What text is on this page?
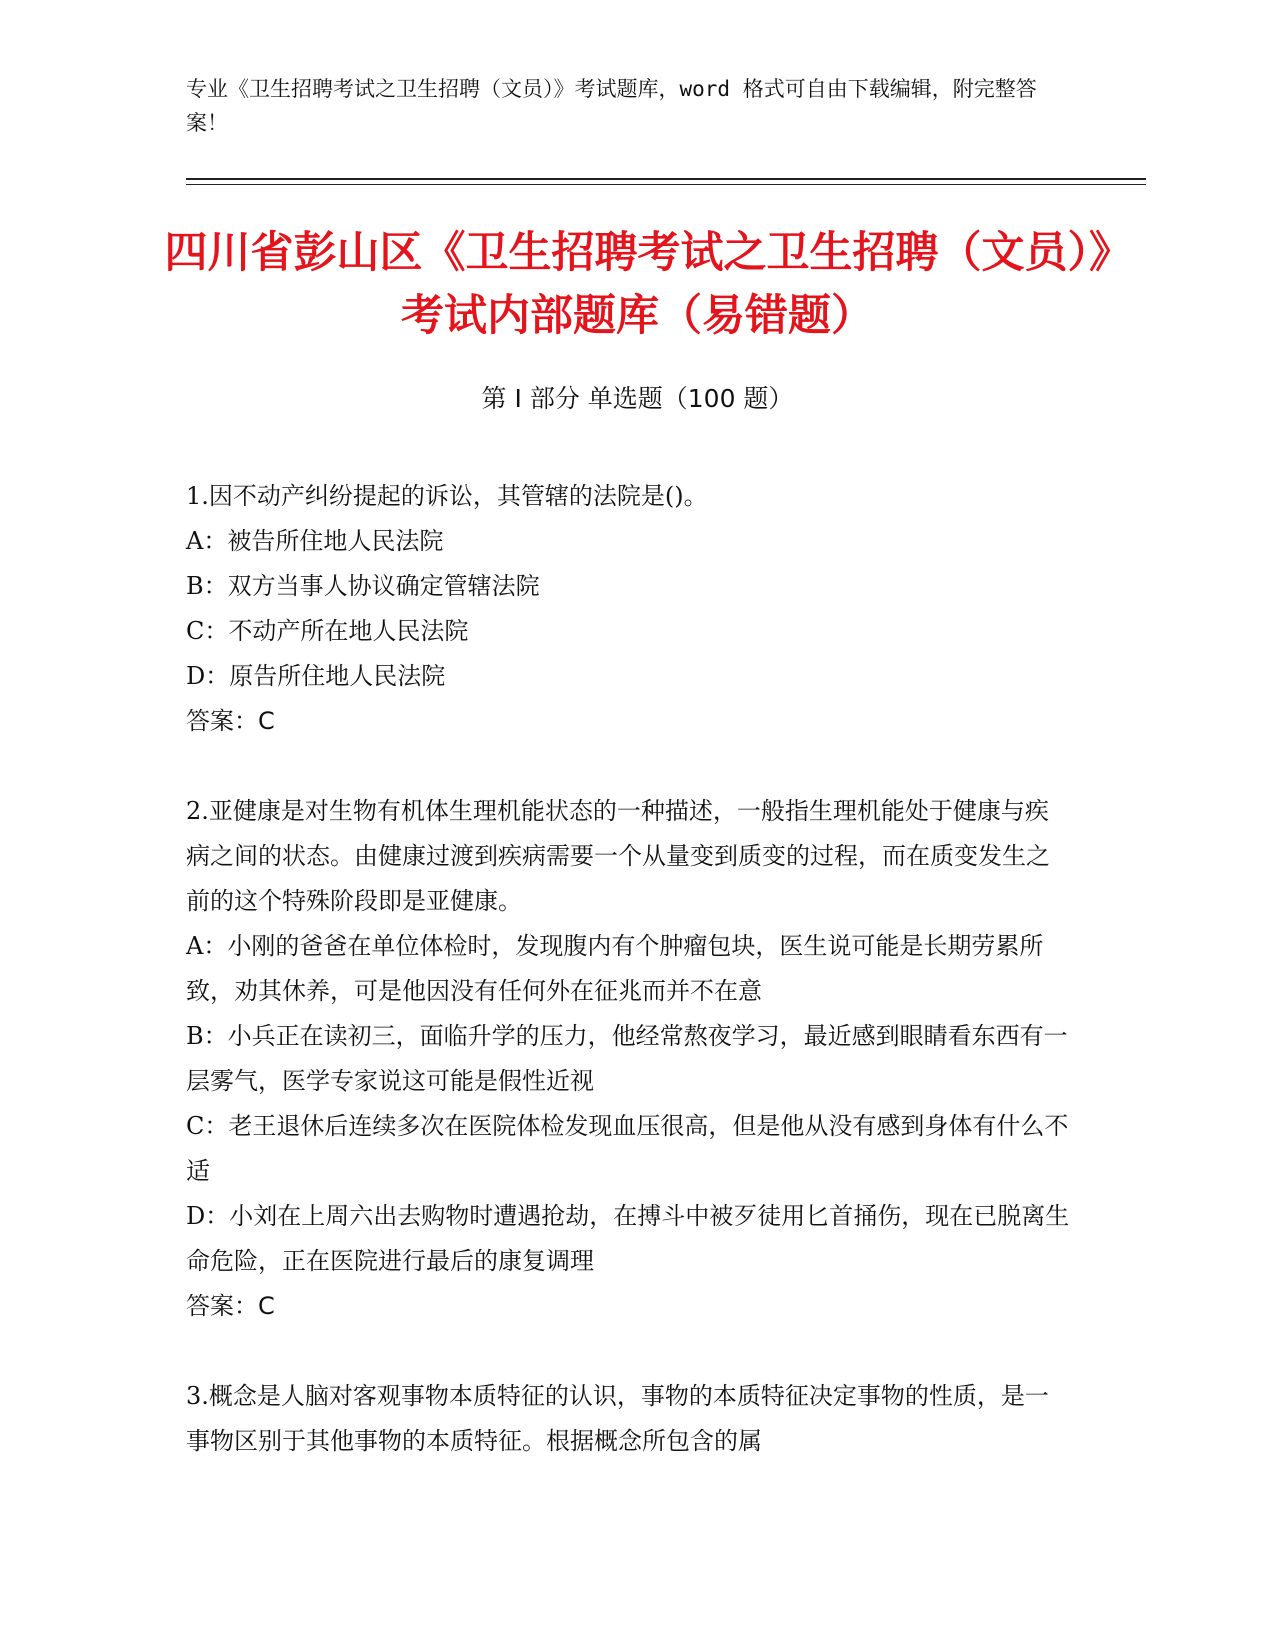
专业《卫生招聘考试之卫生招聘（文员）》考试题库，word 格式可自由下载编辑，附完整答案！
四川省彭山区《卫生招聘考试之卫生招聘（文员）》考试内部题库（易错题）
第 I 部分 单选题（100 题）

1.因不动产纠纷提起的诉讼，其管辖的法院是()。

A：被告所住地人民法院

B：双方当事人协议确定管辖法院

C：不动产所在地人民法院

D：原告所住地人民法院

答案：C

2.亚健康是对生物有机体生理机能状态的一种描述，一般指生理机能处于健康与疾病之间的状态。由健康过渡到疾病需要一个从量变到质变的过程，而在质变发生之前的这个特殊阶段即是亚健康。

A：小刚的爸爸在单位体检时，发现腹内有个肿瘤包块，医生说可能是长期劳累所致，劝其休养，可是他因没有任何外在征兆而并不在意

B：小兵正在读初三，面临升学的压力，他经常熬夜学习，最近感到眼睛看东西有一层雾气，医学专家说这可能是假性近视

C：老王退休后连续多次在医院体检发现血压很高，但是他从没有感到身体有什么不适

D：小刘在上周六出去购物时遭遇抢劫，在搏斗中被歹徒用匕首捅伤，现在已脱离生命危险，正在医院进行最后的康复调理

答案：C

3.概念是人脑对客观事物本质特征的认识，事物的本质特征决定事物的性质，是一事物区别于其他事物的本质特征。根据概念所包含的属
